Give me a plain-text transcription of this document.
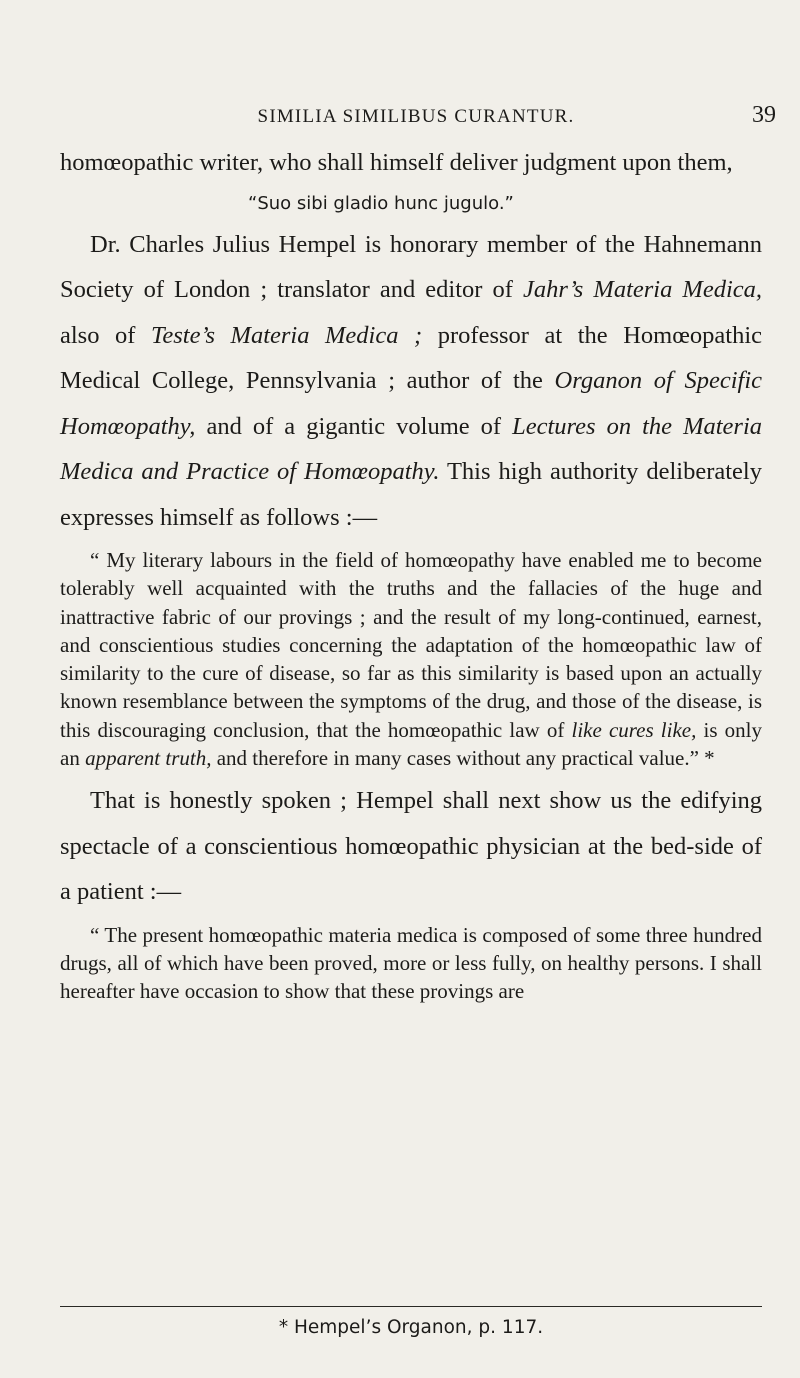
SIMILIA SIMILIBUS CURANTUR.	39

homœopathic writer, who shall himself deliver judgment upon them,

“Suo sibi gladio hunc jugulo.”

Dr. Charles Julius Hempel is honorary member of the Hahnemann Society of London ; translator and editor of Jahr’s Materia Medica, also of Teste’s Materia Medica ; professor at the Homœopathic Medical College, Pennsylvania ; author of the Organon of Specific Homœopathy, and of a gigantic volume of Lectures on the Materia Medica and Practice of Homœopathy. This high authority deliberately expresses himself as follows :—

“ My literary labours in the field of homœopathy have enabled me to become tolerably well acquainted with the truths and the fallacies of the huge and inattractive fabric of our provings ; and the result of my long-continued, earnest, and conscientious studies concerning the adaptation of the homœopathic law of similarity to the cure of disease, so far as this similarity is based upon an actually known resemblance between the symptoms of the drug, and those of the disease, is this discouraging conclusion, that the homœopathic law of like cures like, is only an apparent truth, and therefore in many cases without any practical value.” *

That is honestly spoken ; Hempel shall next show us the edifying spectacle of a conscientious homœopathic physician at the bed-side of a patient :—

“ The present homœopathic materia medica is composed of some three hundred drugs, all of which have been proved, more or less fully, on healthy persons. I shall hereafter have occasion to show that these provings are

* Hempel’s Organon, p. 117.
